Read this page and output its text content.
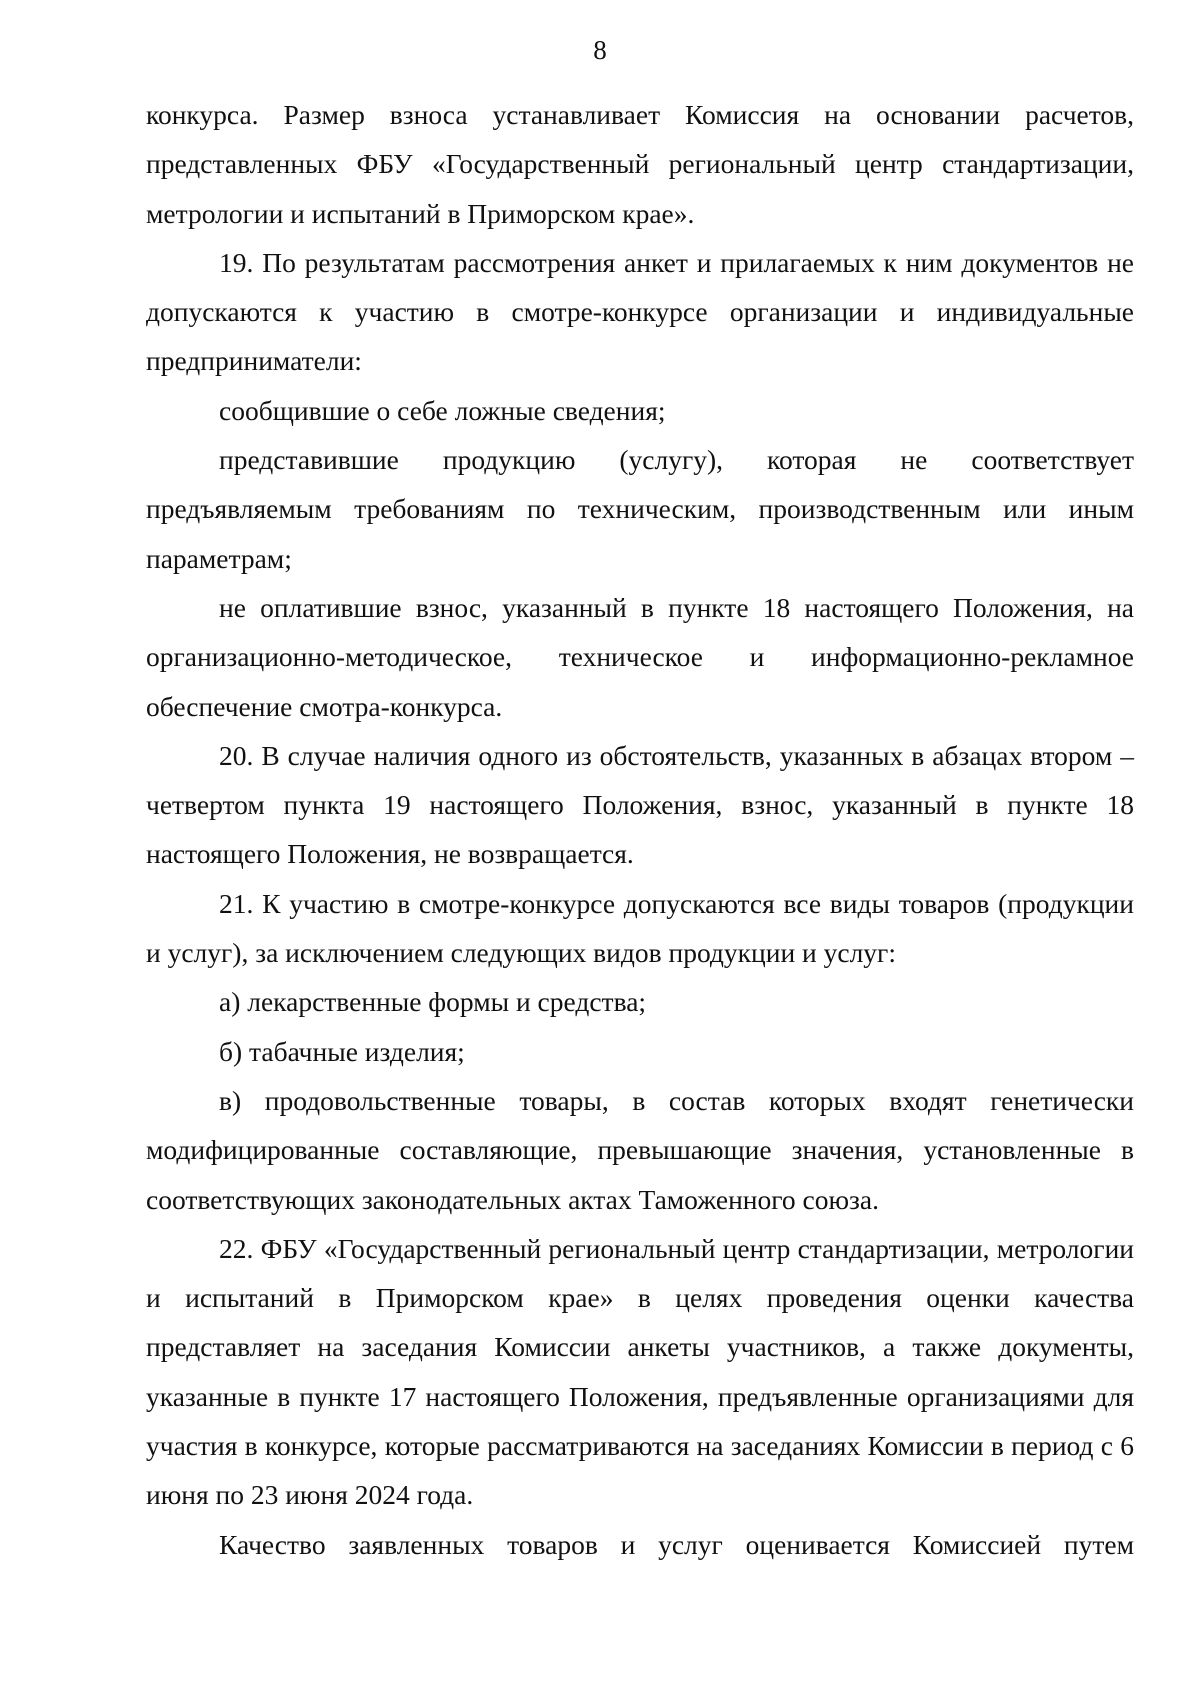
8

конкурса. Размер взноса устанавливает Комиссия на основании расчетов, представленных ФБУ «Государственный региональный центр стандартизации, метрологии и испытаний в Приморском крае».

19. По результатам рассмотрения анкет и прилагаемых к ним документов не допускаются к участию в смотре-конкурсе организации и индивидуальные предприниматели:

сообщившие о себе ложные сведения;

представившие продукцию (услугу), которая не соответствует предъявляемым требованиям по техническим, производственным или иным параметрам;

не оплатившие взнос, указанный в пункте 18 настоящего Положения, на организационно-методическое, техническое и информационно-рекламное обеспечение смотра-конкурса.

20. В случае наличия одного из обстоятельств, указанных в абзацах втором – четвертом пункта 19 настоящего Положения, взнос, указанный в пункте 18 настоящего Положения, не возвращается.

21. К участию в смотре-конкурсе допускаются все виды товаров (продукции и услуг), за исключением следующих видов продукции и услуг:

а) лекарственные формы и средства;

б) табачные изделия;

в) продовольственные товары, в состав которых входят генетически модифицированные составляющие, превышающие значения, установленные в соответствующих законодательных актах Таможенного союза.

22. ФБУ «Государственный региональный центр стандартизации, метрологии и испытаний в Приморском крае» в целях проведения оценки качества представляет на заседания Комиссии анкеты участников, а также документы, указанные в пункте 17 настоящего Положения, предъявленные организациями для участия в конкурсе, которые рассматриваются на заседаниях Комиссии в период с 6 июня по 23 июня 2024 года.

Качество заявленных товаров и услуг оценивается Комиссией путем
